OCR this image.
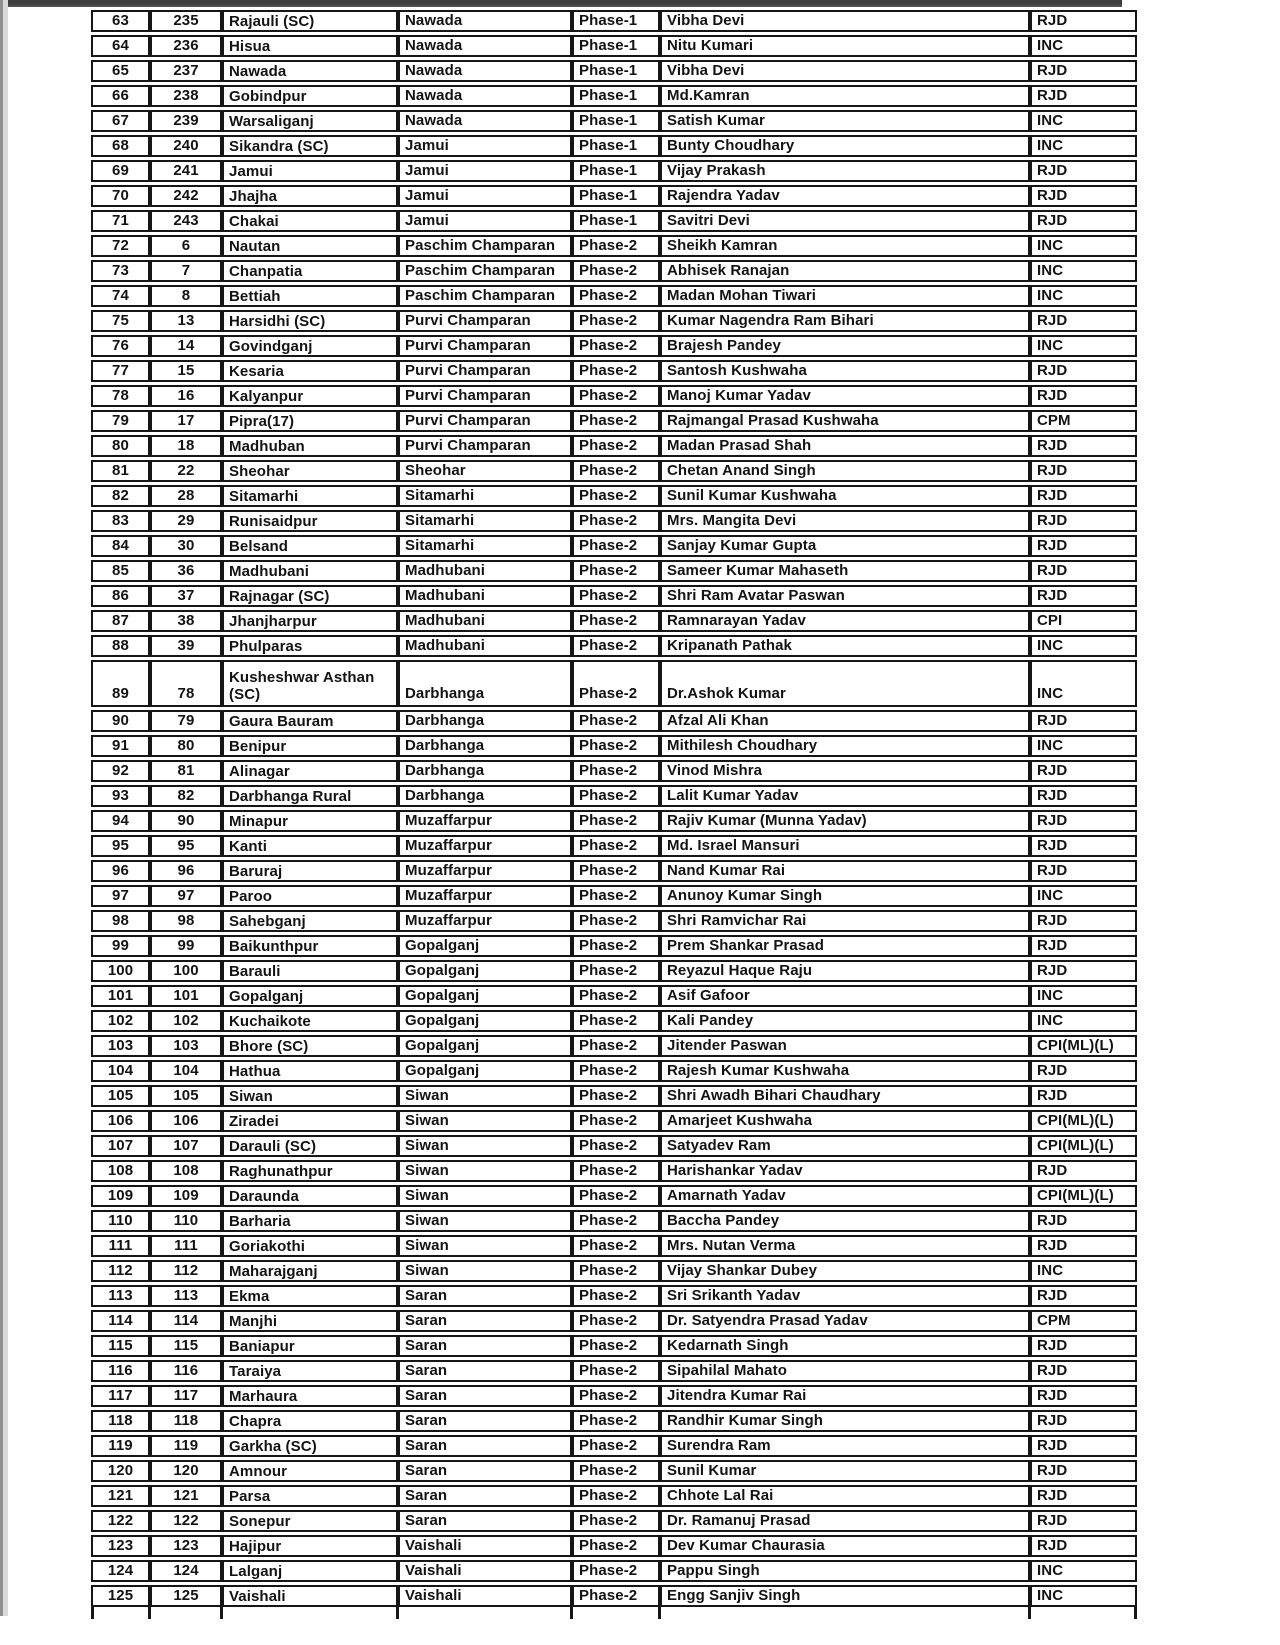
63	235	Rajauli (SC)	Nawada	Phase-1	Vibha Devi	RJD
64	236	Hisua	Nawada	Phase-1	Nitu Kumari	INC
65	237	Nawada	Nawada	Phase-1	Vibha Devi	RJD
66	238	Gobindpur	Nawada	Phase-1	Md.Kamran	RJD
67	239	Warsaliganj	Nawada	Phase-1	Satish Kumar	INC
68	240	Sikandra (SC)	Jamui	Phase-1	Bunty Choudhary	INC
69	241	Jamui	Jamui	Phase-1	Vijay Prakash	RJD
70	242	Jhajha	Jamui	Phase-1	Rajendra Yadav	RJD
71	243	Chakai	Jamui	Phase-1	Savitri Devi	RJD
72	6	Nautan	Paschim Champaran	Phase-2	Sheikh Kamran	INC
73	7	Chanpatia	Paschim Champaran	Phase-2	Abhisek Ranajan	INC
74	8	Bettiah	Paschim Champaran	Phase-2	Madan Mohan Tiwari	INC
75	13	Harsidhi (SC)	Purvi Champaran	Phase-2	Kumar Nagendra Ram Bihari	RJD
76	14	Govindganj	Purvi Champaran	Phase-2	Brajesh Pandey	INC
77	15	Kesaria	Purvi Champaran	Phase-2	Santosh Kushwaha	RJD
78	16	Kalyanpur	Purvi Champaran	Phase-2	Manoj Kumar Yadav	RJD
79	17	Pipra(17)	Purvi Champaran	Phase-2	Rajmangal Prasad Kushwaha	CPM
80	18	Madhuban	Purvi Champaran	Phase-2	Madan Prasad Shah	RJD
81	22	Sheohar	Sheohar	Phase-2	Chetan Anand Singh	RJD
82	28	Sitamarhi	Sitamarhi	Phase-2	Sunil Kumar Kushwaha	RJD
83	29	Runisaidpur	Sitamarhi	Phase-2	Mrs. Mangita Devi	RJD
84	30	Belsand	Sitamarhi	Phase-2	Sanjay Kumar Gupta	RJD
85	36	Madhubani	Madhubani	Phase-2	Sameer Kumar Mahaseth	RJD
86	37	Rajnagar (SC)	Madhubani	Phase-2	Shri Ram Avatar Paswan	RJD
87	38	Jhanjharpur	Madhubani	Phase-2	Ramnarayan Yadav	CPI
88	39	Phulparas	Madhubani	Phase-2	Kripanath Pathak	INC
89	78	Kusheshwar Asthan (SC)	Darbhanga	Phase-2	Dr.Ashok Kumar	INC
90	79	Gaura Bauram	Darbhanga	Phase-2	Afzal Ali Khan	RJD
91	80	Benipur	Darbhanga	Phase-2	Mithilesh Choudhary	INC
92	81	Alinagar	Darbhanga	Phase-2	Vinod Mishra	RJD
93	82	Darbhanga Rural	Darbhanga	Phase-2	Lalit Kumar Yadav	RJD
94	90	Minapur	Muzaffarpur	Phase-2	Rajiv Kumar (Munna Yadav)	RJD
95	95	Kanti	Muzaffarpur	Phase-2	Md. Israel Mansuri	RJD
96	96	Baruraj	Muzaffarpur	Phase-2	Nand Kumar Rai	RJD
97	97	Paroo	Muzaffarpur	Phase-2	Anunoy Kumar Singh	INC
98	98	Sahebganj	Muzaffarpur	Phase-2	Shri Ramvichar Rai	RJD
99	99	Baikunthpur	Gopalganj	Phase-2	Prem Shankar Prasad	RJD
100	100	Barauli	Gopalganj	Phase-2	Reyazul Haque Raju	RJD
101	101	Gopalganj	Gopalganj	Phase-2	Asif Gafoor	INC
102	102	Kuchaikote	Gopalganj	Phase-2	Kali Pandey	INC
103	103	Bhore (SC)	Gopalganj	Phase-2	Jitender Paswan	CPI(ML)(L)
104	104	Hathua	Gopalganj	Phase-2	Rajesh Kumar Kushwaha	RJD
105	105	Siwan	Siwan	Phase-2	Shri Awadh Bihari Chaudhary	RJD
106	106	Ziradei	Siwan	Phase-2	Amarjeet Kushwaha	CPI(ML)(L)
107	107	Darauli (SC)	Siwan	Phase-2	Satyadev Ram	CPI(ML)(L)
108	108	Raghunathpur	Siwan	Phase-2	Harishankar Yadav	RJD
109	109	Daraunda	Siwan	Phase-2	Amarnath Yadav	CPI(ML)(L)
110	110	Barharia	Siwan	Phase-2	Baccha Pandey	RJD
111	111	Goriakothi	Siwan	Phase-2	Mrs. Nutan Verma	RJD
112	112	Maharajganj	Siwan	Phase-2	Vijay Shankar Dubey	INC
113	113	Ekma	Saran	Phase-2	Sri Srikanth Yadav	RJD
114	114	Manjhi	Saran	Phase-2	Dr. Satyendra Prasad Yadav	CPM
115	115	Baniapur	Saran	Phase-2	Kedarnath Singh	RJD
116	116	Taraiya	Saran	Phase-2	Sipahilal Mahato	RJD
117	117	Marhaura	Saran	Phase-2	Jitendra Kumar Rai	RJD
118	118	Chapra	Saran	Phase-2	Randhir Kumar Singh	RJD
119	119	Garkha (SC)	Saran	Phase-2	Surendra Ram	RJD
120	120	Amnour	Saran	Phase-2	Sunil Kumar	RJD
121	121	Parsa	Saran	Phase-2	Chhote Lal Rai	RJD
122	122	Sonepur	Saran	Phase-2	Dr. Ramanuj Prasad	RJD
123	123	Hajipur	Vaishali	Phase-2	Dev Kumar Chaurasia	RJD
124	124	Lalganj	Vaishali	Phase-2	Pappu Singh	INC
125	125	Vaishali	Vaishali	Phase-2	Engg Sanjiv Singh	INC
